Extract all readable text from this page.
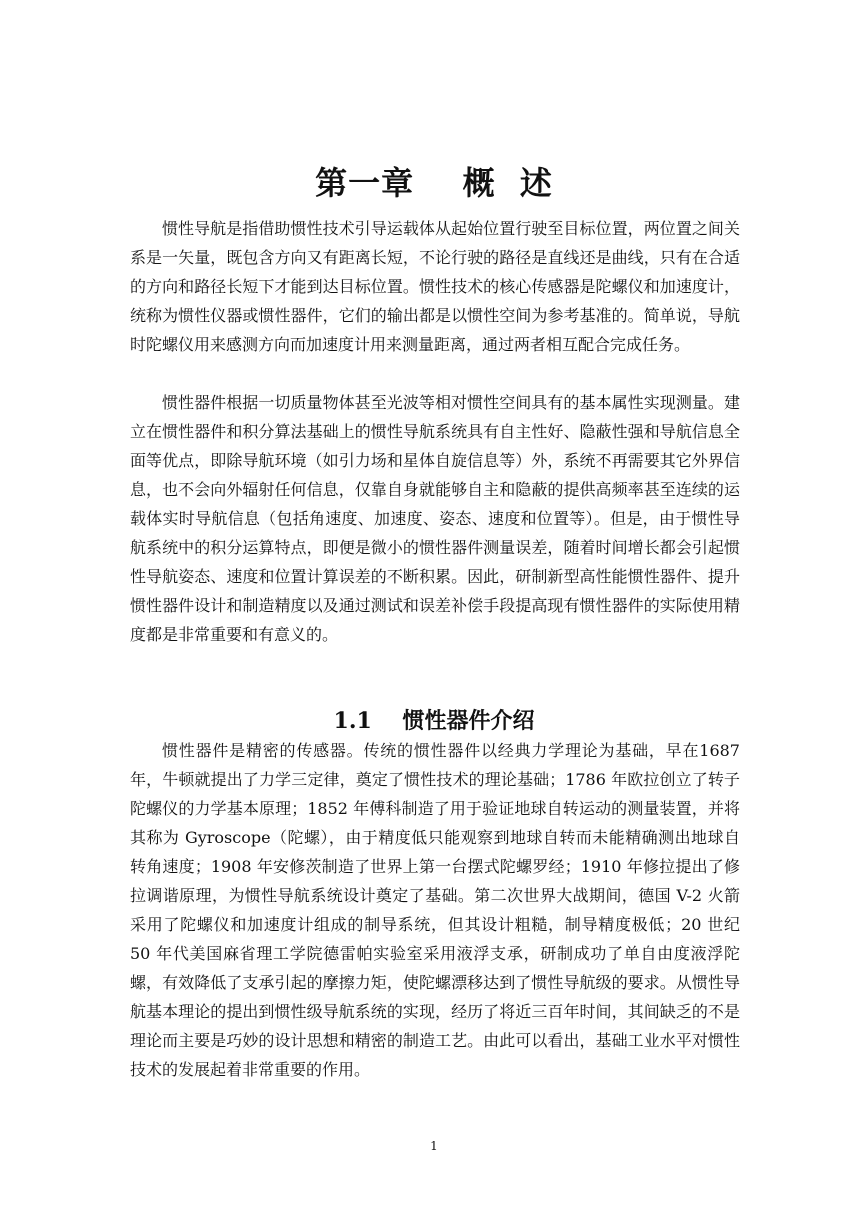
第一章    概  述

惯性导航是指借助惯性技术引导运载体从起始位置行驶至目标位置，两位置之间关系是一矢量，既包含方向又有距离长短，不论行驶的路径是直线还是曲线，只有在合适的方向和路径长短下才能到达目标位置。惯性技术的核心传感器是陀螺仪和加速度计，统称为惯性仪器或惯性器件，它们的输出都是以惯性空间为参考基准的。简单说，导航时陀螺仪用来感测方向而加速度计用来测量距离，通过两者相互配合完成任务。

惯性器件根据一切质量物体甚至光波等相对惯性空间具有的基本属性实现测量。建立在惯性器件和积分算法基础上的惯性导航系统具有自主性好、隐蔽性强和导航信息全面等优点，即除导航环境（如引力场和星体自旋信息等）外，系统不再需要其它外界信息，也不会向外辐射任何信息，仅靠自身就能够自主和隐蔽的提供高频率甚至连续的运载体实时导航信息（包括角速度、加速度、姿态、速度和位置等）。但是，由于惯性导航系统中的积分运算特点，即便是微小的惯性器件测量误差，随着时间增长都会引起惯性导航姿态、速度和位置计算误差的不断积累。因此，研制新型高性能惯性器件、提升惯性器件设计和制造精度以及通过测试和误差补偿手段提高现有惯性器件的实际使用精度都是非常重要和有意义的。

1.1    惯性器件介绍

惯性器件是精密的传感器。传统的惯性器件以经典力学理论为基础，早在1687 年，牛顿就提出了力学三定律，奠定了惯性技术的理论基础；1786 年欧拉创立了转子陀螺仪的力学基本原理；1852 年傅科制造了用于验证地球自转运动的测量装置，并将其称为 Gyroscope（陀螺），由于精度低只能观察到地球自转而未能精确测出地球自转角速度；1908 年安修茨制造了世界上第一台摆式陀螺罗经；1910 年修拉提出了修拉调谐原理，为惯性导航系统设计奠定了基础。第二次世界大战期间，德国 V-2 火箭采用了陀螺仪和加速度计组成的制导系统，但其设计粗糙，制导精度极低；20 世纪 50 年代美国麻省理工学院德雷帕实验室采用液浮支承，研制成功了单自由度液浮陀螺，有效降低了支承引起的摩擦力矩，使陀螺漂移达到了惯性导航级的要求。从惯性导航基本理论的提出到惯性级导航系统的实现，经历了将近三百年时间，其间缺乏的不是理论而主要是巧妙的设计思想和精密的制造工艺。由此可以看出，基础工业水平对惯性技术的发展起着非常重要的作用。

1
